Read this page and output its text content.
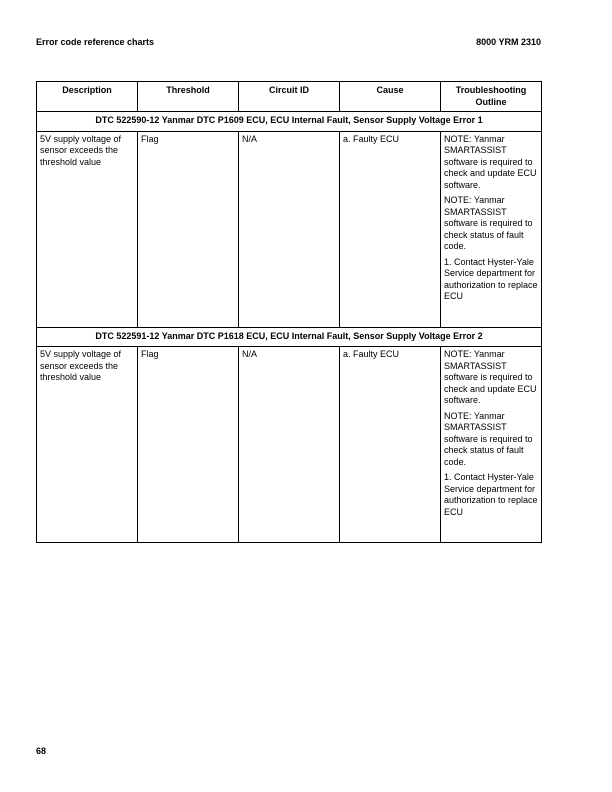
Error code reference charts	8000 YRM 2310
Description	Threshold	Circuit ID	Cause	Troubleshooting Outline
DTC 522590-12 Yanmar DTC P1609 ECU, ECU Internal Fault, Sensor Supply Voltage Error 1				
5V supply voltage of sensor exceeds the threshold value	Flag	N/A	a. Faulty ECU	NOTE: Yanmar SMARTASSIST software is required to check and update ECU software.

NOTE: Yanmar SMARTASSIST software is required to check status of fault code.

1. Contact Hyster-Yale Service department for authorization to replace ECU

DTC 522591-12 Yanmar DTC P1618 ECU, ECU Internal Fault, Sensor Supply Voltage Error 2				
5V supply voltage of sensor exceeds the threshold value	Flag	N/A	a. Faulty ECU	NOTE: Yanmar SMARTASSIST software is required to check and update ECU software.

NOTE: Yanmar SMARTASSIST software is required to check status of fault code.

1. Contact Hyster-Yale Service department for authorization to replace ECU

68
